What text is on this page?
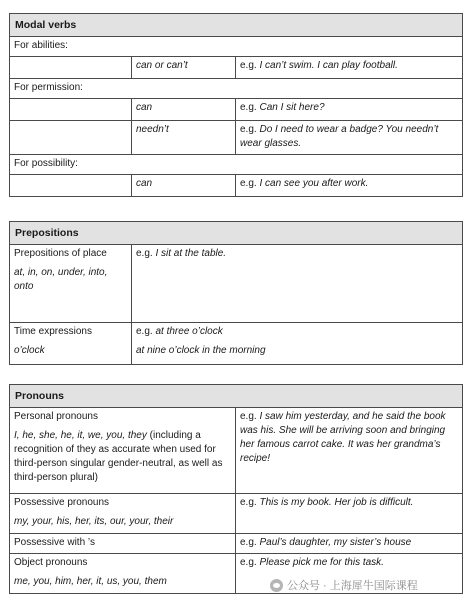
Modal verbs		
For abilities:		
	can or can’t	e.g. I can’t swim. I can play football.
For permission:		
	can	e.g. Can I sit here?
	needn’t	e.g. Do I need to wear a badge? You needn’t wear glasses.
For possibility:		
	can	e.g. I can see you after work.
Prepositions	
Prepositions of place
at, in, on, under, into, onto	e.g. I sit at the table.
Time expressions
o’clock	e.g. at three o’clock
at nine o’clock in the morning
Pronouns	
Personal pronouns
I, he, she, he, it, we, you, they (including a recognition of they as accurate when used for third-person singular gender-neutral, as well as third-person plural)	e.g. I saw him yesterday, and he said the book was his. She will be arriving soon and bringing her famous carrot cake. It was her grandma’s recipe!
Possessive pronouns
my, your, his, her, its, our, your, their	e.g. This is my book. Her job is difficult.
Possessive with ’s	e.g. Paul’s daughter, my sister’s house
Object pronouns
me, you, him, her, it, us, you, them	e.g. Please pick me for this task.
公众号 · 上海犀牛国际课程
